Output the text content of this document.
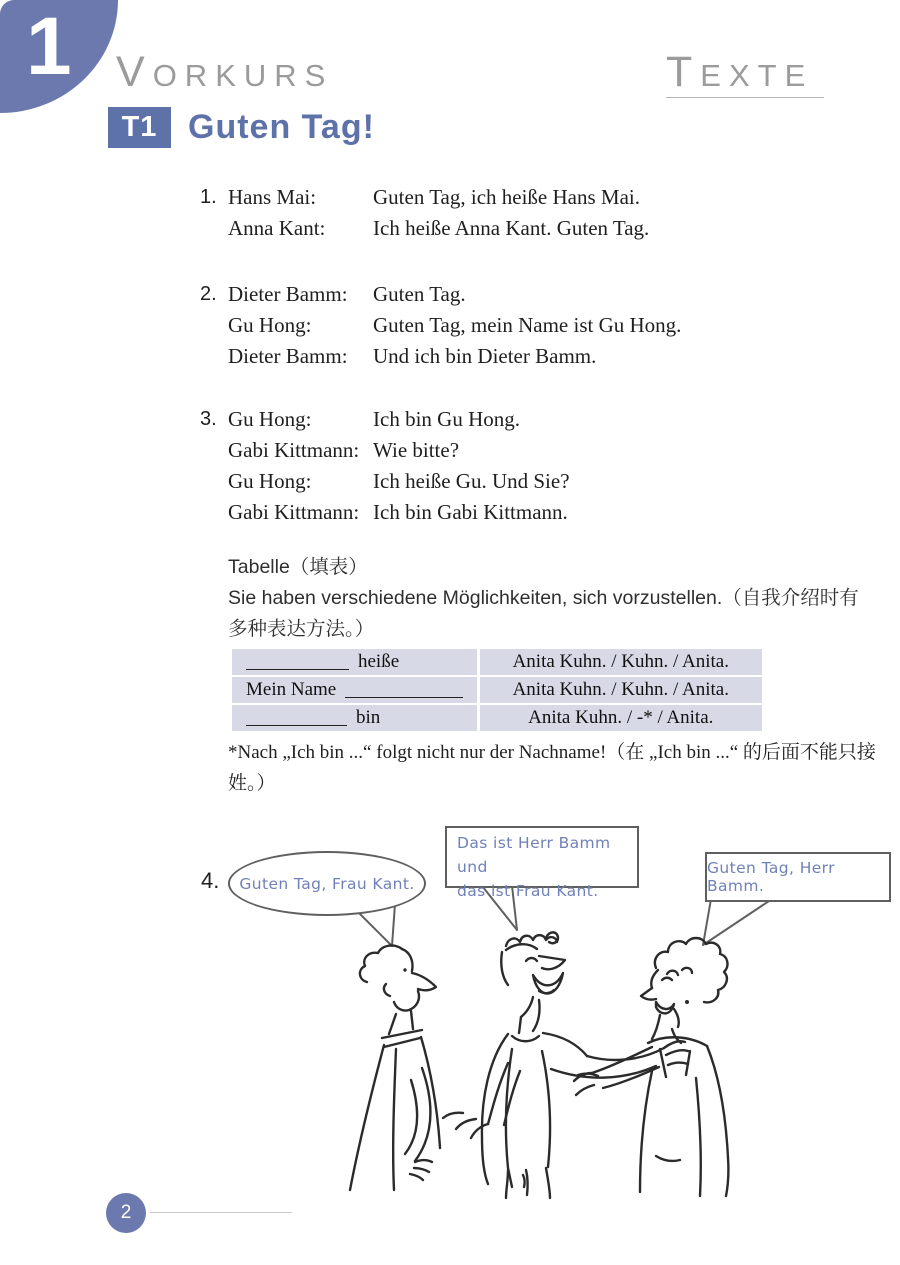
1 VORKURS	TEXTE
T1 Guten Tag!
1. Hans Mai:	Guten Tag, ich heiße Hans Mai.
Anna Kant:	Ich heiße Anna Kant. Guten Tag.
2. Dieter Bamm:	Guten Tag.
Gu Hong:	Guten Tag, mein Name ist Gu Hong.
Dieter Bamm:	Und ich bin Dieter Bamm.
3. Gu Hong:	Ich bin Gu Hong.
Gabi Kittmann: Wie bitte?
Gu Hong:	Ich heiße Gu. Und Sie?
Gabi Kittmann: Ich bin Gabi Kittmann.
Tabelle（填表）
Sie haben verschiedene Möglichkeiten, sich vorzustellen.（自我介绍时有多种表达方法。）
heiße	Anita Kuhn. / Kuhn. / Anita.
Mein Name	Anita Kuhn. / Kuhn. / Anita.
bin	Anita Kuhn. / -* / Anita.
*Nach „Ich bin ...“ folgt nicht nur der Nachname!（在 „Ich bin ...“ 的后面不能只接姓。）
4. Guten Tag, Frau Kant.
Das ist Herr Bamm und
das ist Frau Kant.
Guten Tag, Herr Bamm.
2
